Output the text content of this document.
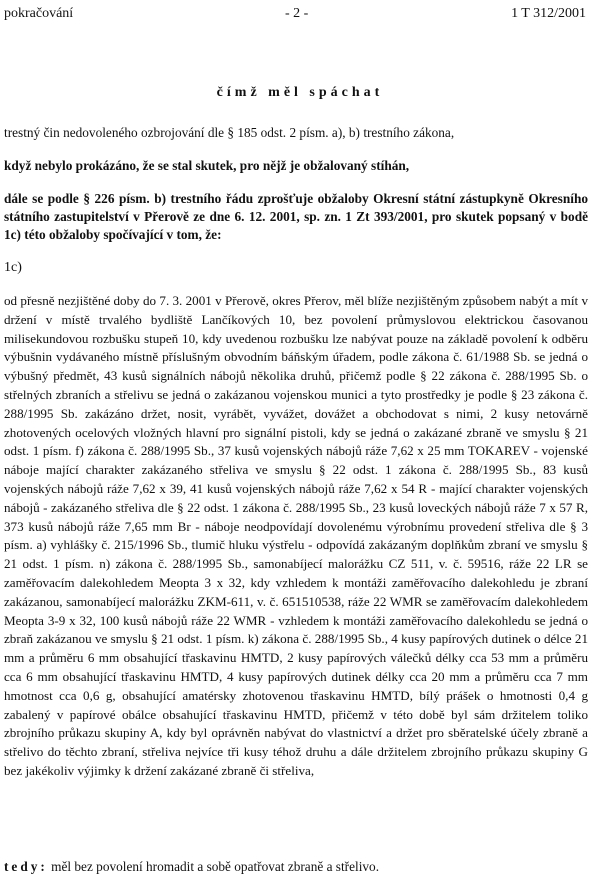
pokračování	- 2 -	1 T 312/2001
čímž měl spáchat
trestný čin nedovoleného ozbrojování dle § 185 odst. 2 písm. a), b) trestního zákona,
když nebylo prokázáno, že se stal skutek, pro nějž je obžalovaný stíhán,
dále se podle § 226 písm. b) trestního řádu zprošťuje obžaloby Okresní státní zástupkyně Okresního státního zastupitelství v Přerově ze dne 6. 12. 2001, sp. zn. 1 Zt 393/2001, pro skutek popsaný v bodě 1c) této obžaloby spočívající v tom, že:
1c)
od přesně nezjištěné doby do 7. 3. 2001 v Přerově, okres Přerov, měl blíže nezjištěným způsobem nabýt a mít v držení v místě trvalého bydliště Lančíkových 10, bez povolení průmyslovou elektrickou časovanou milisekundovou rozbušku stupeň 10, kdy uvedenou rozbušku lze nabývat pouze na základě povolení k odběru výbušnin vydávaného místně příslušným obvodním báňským úřadem, podle zákona č. 61/1988 Sb. se jedná o výbušný předmět, 43 kusů signálních nábojů několika druhů, přičemž podle § 22 zákona č. 288/1995 Sb. o střelných zbraních a střelivu se jedná o zakázanou vojenskou munici a tyto prostředky je podle § 23 zákona č. 288/1995 Sb. zakázáno držet, nosit, vyrábět, vyvážet, dovážet a obchodovat s nimi, 2 kusy netovárně zhotovených ocelových vložných hlavní pro signální pistoli, kdy se jedná o zakázané zbraně ve smyslu § 21 odst. 1 písm. f) zákona č. 288/1995 Sb., 37 kusů vojenských nábojů ráže 7,62 x 25 mm TOKAREV - vojenské náboje mající charakter zakázaného střeliva ve smyslu § 22 odst. 1 zákona č. 288/1995 Sb., 83 kusů vojenských nábojů ráže 7,62 x 39, 41 kusů vojenských nábojů ráže 7,62 x 54 R - mající charakter vojenských nábojů - zakázaného střeliva dle § 22 odst. 1 zákona č. 288/1995 Sb., 23 kusů loveckých nábojů ráže 7 x 57 R, 373 kusů nábojů ráže 7,65 mm Br - náboje neodpovídají dovolenému výrobnímu provedení střeliva dle § 3 písm. a) vyhlášky č. 215/1996 Sb., tlumič hluku výstřelu - odpovídá zakázaným doplňkům zbraní ve smyslu § 21 odst. 1 písm. n) zákona č. 288/1995 Sb., samonabíjecí malorážku CZ 511, v. č. 59516, ráže 22 LR se zaměřovacím dalekohledem Meopta 3 x 32, kdy vzhledem k montáži zaměřovacího dalekohledu je zbraní zakázanou, samonabíjecí malorážku ZKM-611, v. č. 651510538, ráže 22 WMR se zaměřovacím dalekohledem Meopta 3-9 x 32, 100 kusů nábojů ráže 22 WMR - vzhledem k montáži zaměřovacího dalekohledu se jedná o zbraň zakázanou ve smyslu § 21 odst. 1 písm. k) zákona č. 288/1995 Sb., 4 kusy papírových dutinek o délce 21 mm a průměru 6 mm obsahující třaskavinu HMTD, 2 kusy papírových válečků délky cca 53 mm a průměru cca 6 mm obsahující třaskavinu HMTD, 4 kusy papírových dutinek délky cca 20 mm a průměru cca 7 mm hmotnost cca 0,6 g, obsahující amatérsky zhotovenou třaskavinu HMTD, bílý prášek o hmotnosti 0,4 g zabalený v papírové obálce obsahující třaskavinu HMTD, přičemž v této době byl sám držitelem toliko zbrojního průkazu skupiny A, kdy byl oprávněn nabývat do vlastnictví a držet pro sběratelské účely zbraně a střelivo do těchto zbraní, střeliva nejvíce tři kusy téhož druhu a dále držitelem zbrojního průkazu skupiny G bez jakékoliv výjimky k držení zakázané zbraně či střeliva,
tedy: měl bez povolení hromadit a sobě opatřovat zbraně a střelivo.
